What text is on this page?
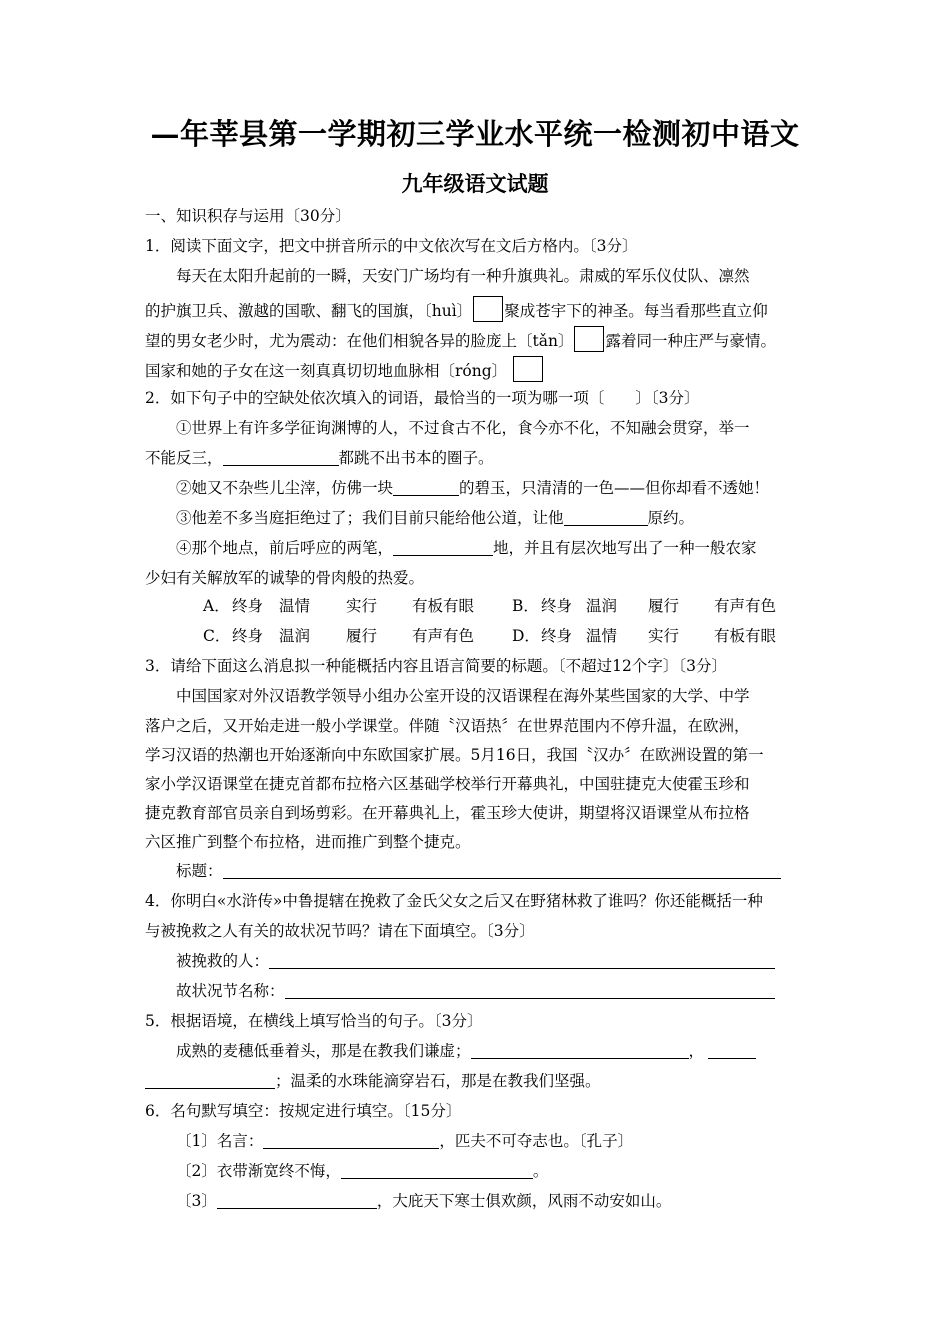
—年莘县第一学期初三学业水平统一检测初中语文
九年级语文试题
一、知识积存与运用〔30分〕
1．阅读下面文字，把文中拼音所示的中文依次写在文后方格内。〔3分〕
每天在太阳升起前的一瞬，天安门广场均有一种升旗典礼。肃威的军乐仪仗队、凛然
的护旗卫兵、激越的国歌、翻飞的国旗，〔huì〕 聚成苍宇下的神圣。每当看那些直立仰
望的男女老少时，尤为震动：在他们相貌各异的脸庞上〔tǎn〕 露着同一种庄严与豪情。
国家和她的子女在这一刻真真切切地血脉相〔róng〕
2．如下句子中的空缺处依次填入的词语，最恰当的一项为哪一项〔　　〕〔3分〕
①世界上有许多学征询渊博的人，不过食古不化，食今亦不化，不知融会贯穿，举一
不能反三，	都跳不出书本的圈子。
②她又不杂些儿尘滓，仿佛一块	的碧玉，只清清的一色——但你却看不透她！
③他差不多当庭拒绝过了；我们目前只能给他公道，让他	原约。
④那个地点，前后呼应的两笔，	地，并且有层次地写出了一种一般农家
少妇有关解放军的诚挚的骨肉般的热爱。
A． 终身 温情 实行 有板有眼 B． 终身 温润 履行 有声有色
C． 终身 温润 履行 有声有色 D． 终身 温情 实行 有板有眼
3．请给下面这么消息拟一种能概括内容且语言简要的标题。〔不超过12个字〕〔3分〕
中国国家对外汉语教学领导小组办公室开设的汉语课程在海外某些国家的大学、中学
落户之后，又开始走进一般小学课堂。伴随〝汉语热〞在世界范围内不停升温，在欧洲，
学习汉语的热潮也开始逐渐向中东欧国家扩展。5月16日，我国〝汉办〞在欧洲设置的第一
家小学汉语课堂在捷克首都布拉格六区基础学校举行开幕典礼，中国驻捷克大使霍玉珍和
捷克教育部官员亲自到场剪彩。在开幕典礼上，霍玉珍大使讲，期望将汉语课堂从布拉格
六区推广到整个布拉格，进而推广到整个捷克。
标题：
4．你明白«水浒传»中鲁提辖在挽救了金氏父女之后又在野猪林救了谁吗？你还能概括一种
与被挽救之人有关的故状况节吗？请在下面填空。〔3分〕
被挽救的人：
故状况节名称：
5．根据语境，在横线上填写恰当的句子。〔3分〕
成熟的麦穗低垂着头，那是在教我们谦虚；	，
；温柔的水珠能滴穿岩石，那是在教我们坚强。
6．名句默写填空：按规定进行填空。〔15分〕
〔1〕名言：	，匹夫不可夺志也。〔孔子〕
〔2〕衣带渐宽终不悔，	。
〔3〕	，大庇天下寒士俱欢颜，风雨不动安如山。
